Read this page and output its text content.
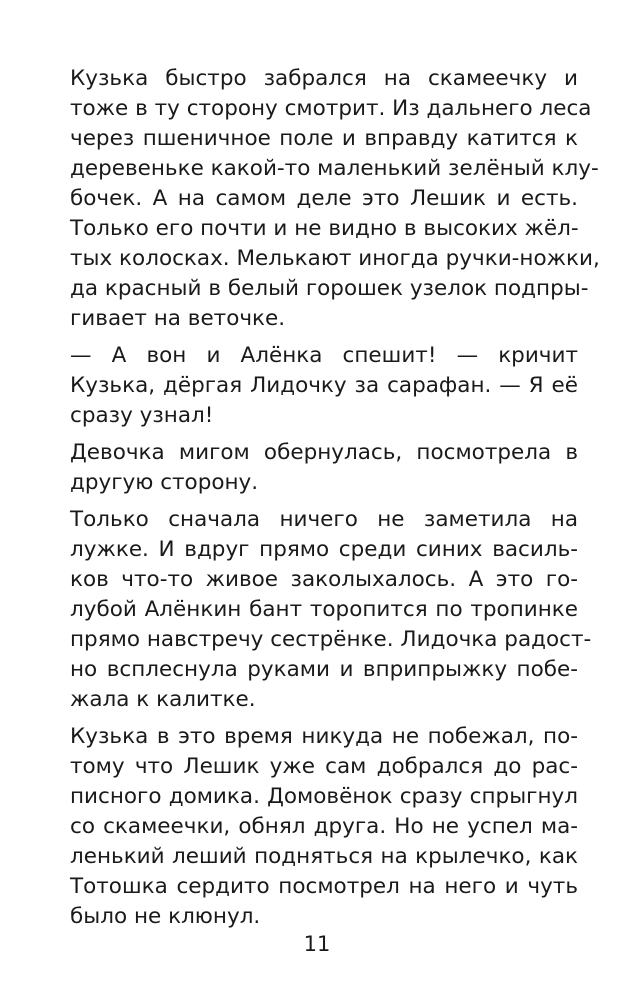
Кузька быстро забрался на скамеечку и
тоже в ту сторону смотрит. Из дальнего леса
через пшеничное поле и вправду катится к
деревеньке какой-то маленький зелёный клу-
бочек. А на самом деле это Лешик и есть.
Только его почти и не видно в высоких жёл-
тых колосках. Мелькают иногда ручки-ножки,
да красный в белый горошек узелок подпры-
гивает на веточке.

— А вон и Алёнка спешит! — кричит
Кузька, дёргая Лидочку за сарафан. — Я её
сразу узнал!

Девочка мигом обернулась, посмотрела в
другую сторону.

Только сначала ничего не заметила на
лужке. И вдруг прямо среди синих василь-
ков что-то живое заколыхалось. А это го-
лубой Алёнкин бант торопится по тропинке
прямо навстречу сестрёнке. Лидочка радост-
но всплеснула руками и вприпрыжку побе-
жала к калитке.

Кузька в это время никуда не побежал, по-
тому что Лешик уже сам добрался до рас-
писного домика. Домовёнок сразу спрыгнул
со скамеечки, обнял друга. Но не успел ма-
ленький леший подняться на крылечко, как
Тотошка сердито посмотрел на него и чуть
было не клюнул.

11
